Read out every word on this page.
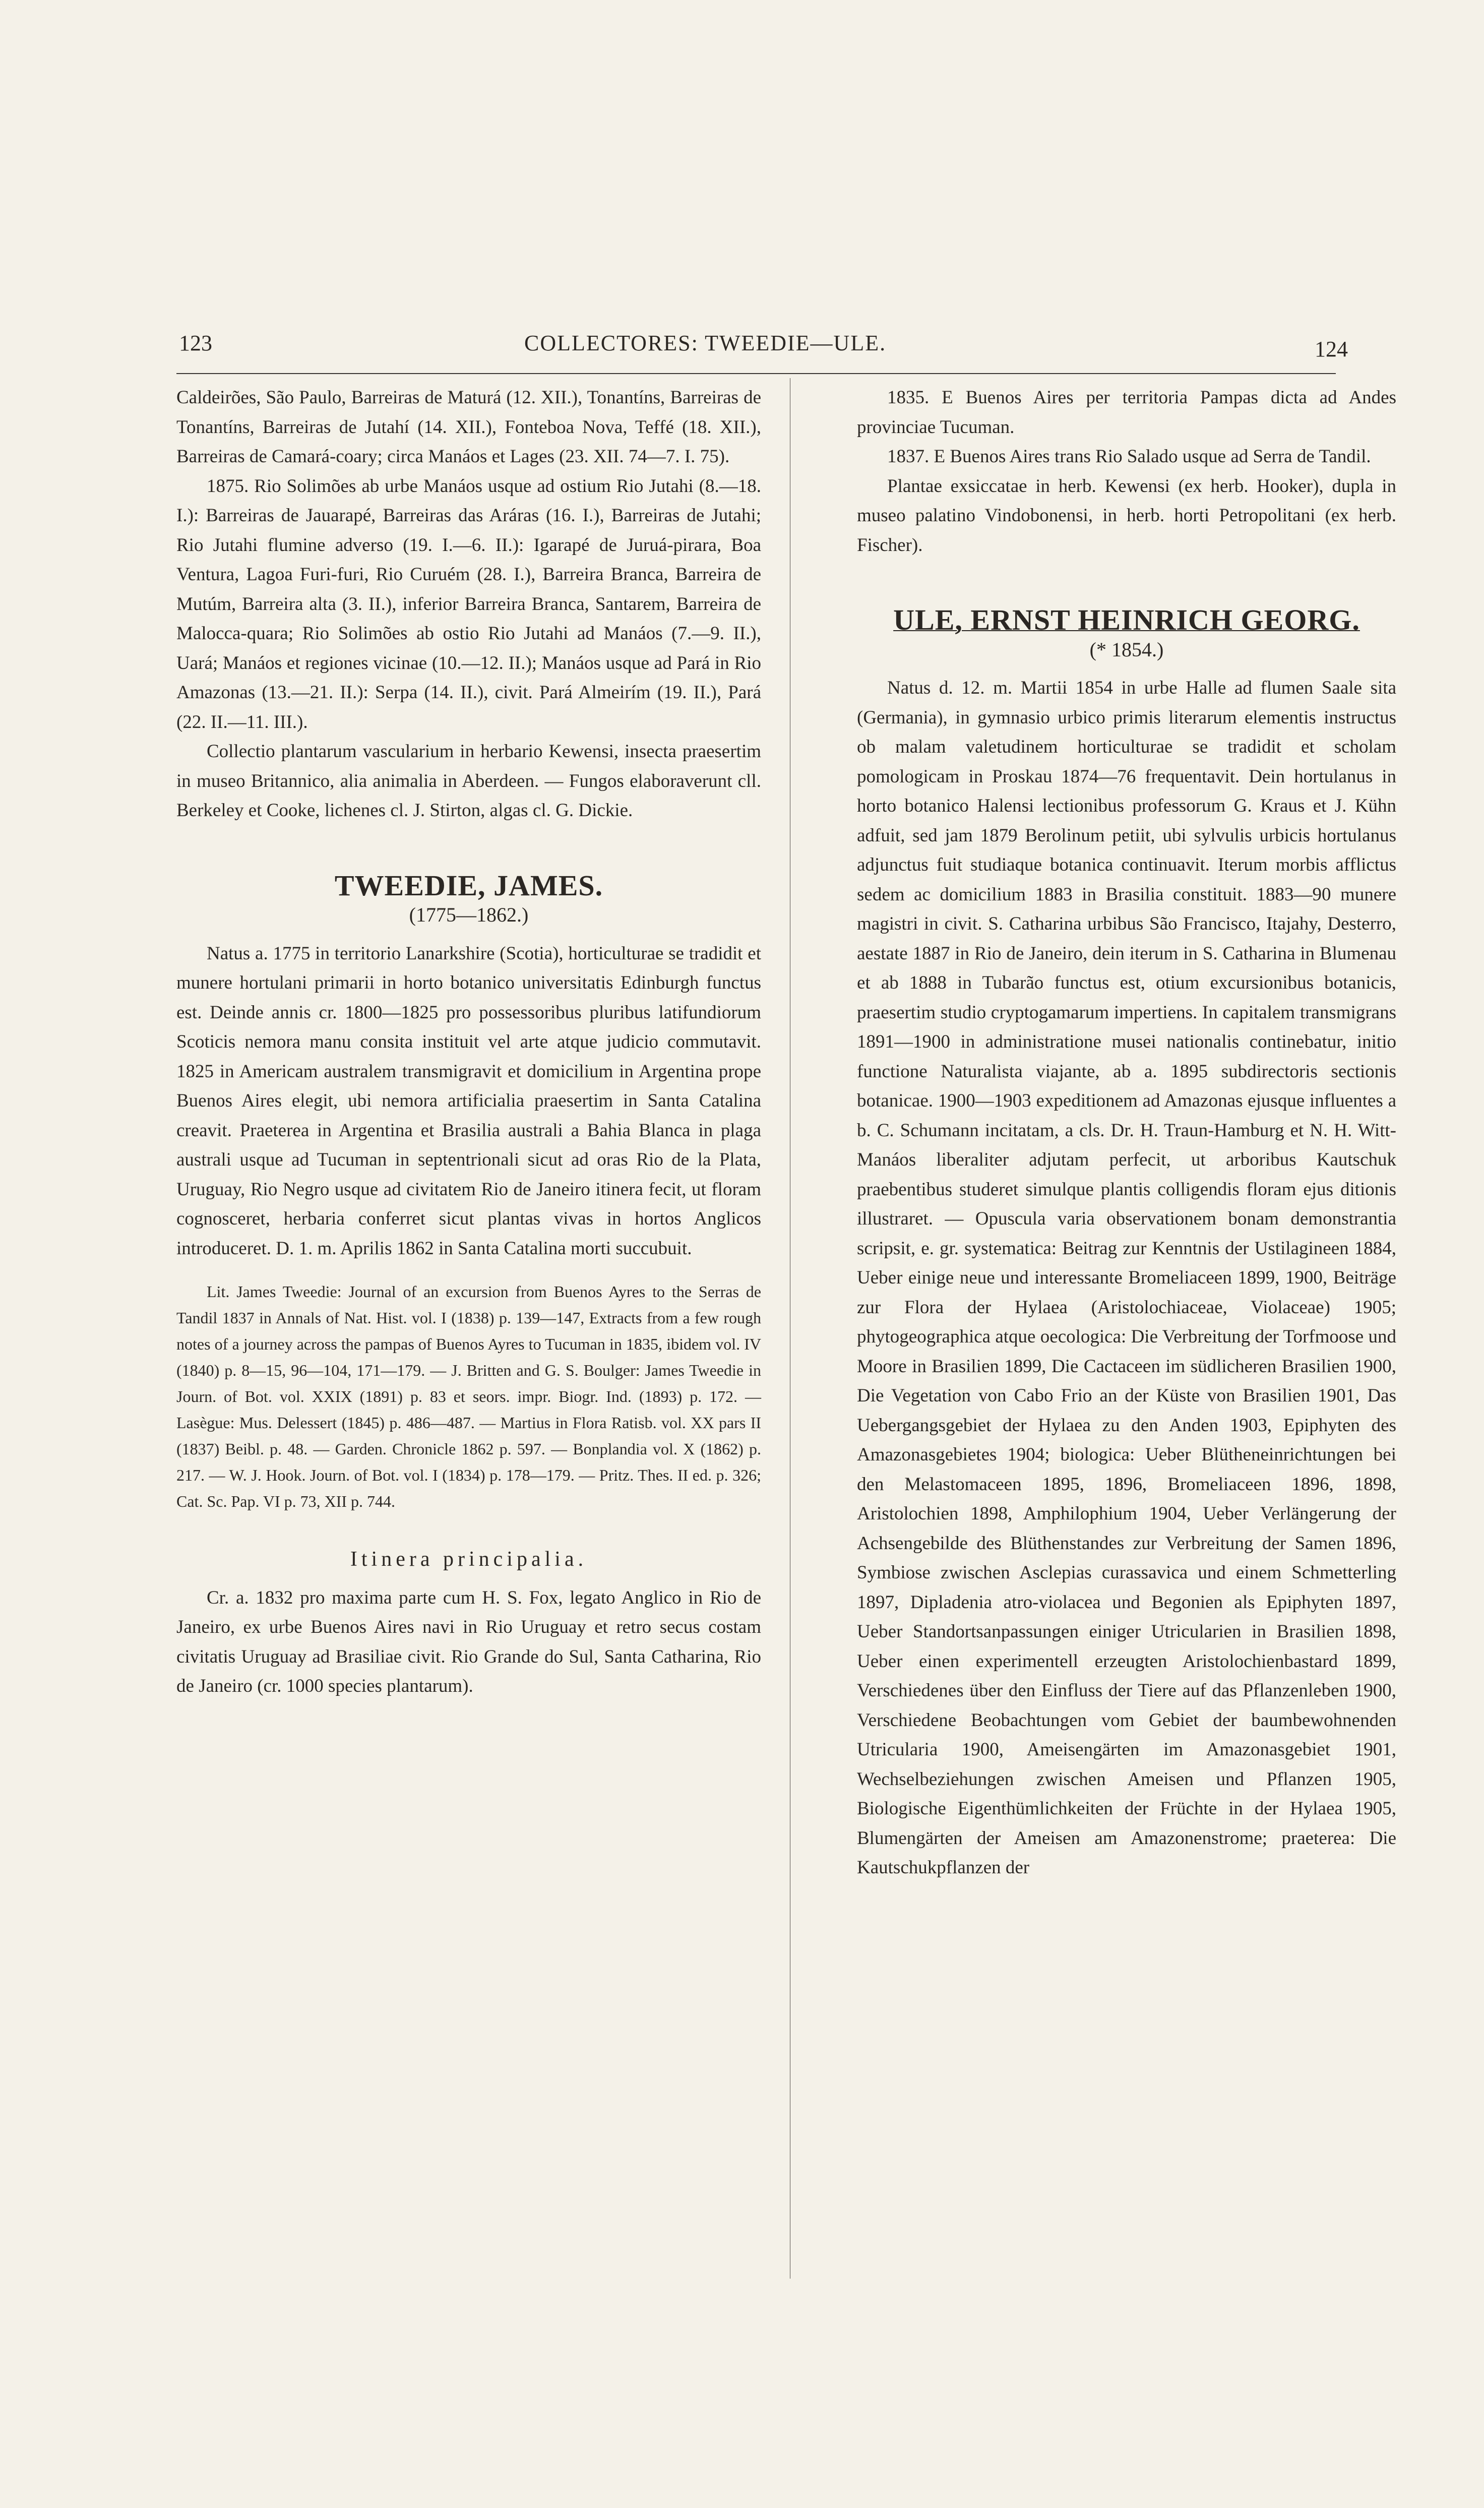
123	COLLECTORES: TWEEDIE—ULE.	124

Caldeirões, São Paulo, Barreiras de Maturá (12. XII.), Tonantíns, Barreiras de Tonantíns, Barreiras de Jutahí (14. XII.), Fonteboa Nova, Teffé (18. XII.), Barreiras de Camará-coary; circa Manáos et Lages (23. XII. 74—7. I. 75).

1875. Rio Solimões ab urbe Manáos usque ad ostium Rio Jutahi (8.—18. I.): Barreiras de Jauarapé, Barreiras das Aráras (16. I.), Barreiras de Jutahi; Rio Jutahi flumine adverso (19. I.—6. II.): Igarapé de Juruá-pirara, Boa Ventura, Lagoa Furi-furi, Rio Curuém (28. I.), Barreira Branca, Barreira de Mutúm, Barreira alta (3. II.), inferior Barreira Branca, Santarem, Barreira de Malocca-quara; Rio Solimões ab ostio Rio Jutahi ad Manáos (7.—9. II.), Uará; Manáos et regiones vicinae (10.—12. II.); Manáos usque ad Pará in Rio Amazonas (13.—21. II.): Serpa (14. II.), civit. Pará Almeirím (19. II.), Pará (22. II.—11. III.).

Collectio plantarum vascularium in herbario Kewensi, insecta praesertim in museo Britannico, alia animalia in Aberdeen. — Fungos elaboraverunt cll. Berkeley et Cooke, lichenes cl. J. Stirton, algas cl. G. Dickie.

TWEEDIE, JAMES.
(1775—1862.)

Natus a. 1775 in territorio Lanarkshire (Scotia), horticulturae se tradidit et munere hortulani primarii in horto botanico universitatis Edinburgh functus est. Deinde annis cr. 1800—1825 pro possessoribus pluribus latifundiorum Scoticis nemora manu consita instituit vel arte atque judicio commutavit. 1825 in Americam australem transmigravit et domicilium in Argentina prope Buenos Aires elegit, ubi nemora artificialia praesertim in Santa Catalina creavit. Praeterea in Argentina et Brasilia australi a Bahia Blanca in plaga australi usque ad Tucuman in septentrionali sicut ad oras Rio de la Plata, Uruguay, Rio Negro usque ad civitatem Rio de Janeiro itinera fecit, ut floram cognosceret, herbaria conferret sicut plantas vivas in hortos Anglicos introduceret. D. 1. m. Aprilis 1862 in Santa Catalina morti succubuit.

Lit. James Tweedie: Journal of an excursion from Buenos Ayres to the Serras de Tandil 1837 in Annals of Nat. Hist. vol. I (1838) p. 139—147, Extracts from a few rough notes of a journey across the pampas of Buenos Ayres to Tucuman in 1835, ibidem vol. IV (1840) p. 8—15, 96—104, 171—179. — J. Britten and G. S. Boulger: James Tweedie in Journ. of Bot. vol. XXIX (1891) p. 83 et seors. impr. Biogr. Ind. (1893) p. 172. — Lasègue: Mus. Delessert (1845) p. 486—487. — Martius in Flora Ratisb. vol. XX pars II (1837) Beibl. p. 48. — Garden. Chronicle 1862 p. 597. — Bonplandia vol. X (1862) p. 217. — W. J. Hook. Journ. of Bot. vol. I (1834) p. 178—179. — Pritz. Thes. II ed. p. 326; Cat. Sc. Pap. VI p. 73, XII p. 744.

Itinera principalia.

Cr. a. 1832 pro maxima parte cum H. S. Fox, legato Anglico in Rio de Janeiro, ex urbe Buenos Aires navi in Rio Uruguay et retro secus costam civitatis Uruguay ad Brasiliae civit. Rio Grande do Sul, Santa Catharina, Rio de Janeiro (cr. 1000 species plantarum).

1835. E Buenos Aires per territoria Pampas dicta ad Andes provinciae Tucuman.

1837. E Buenos Aires trans Rio Salado usque ad Serra de Tandil.

Plantae exsiccatae in herb. Kewensi (ex herb. Hooker), dupla in museo palatino Vindobonensi, in herb. horti Petropolitani (ex herb. Fischer).

ULE, ERNST HEINRICH GEORG.
(* 1854.)

Natus d. 12. m. Martii 1854 in urbe Halle ad flumen Saale sita (Germania), in gymnasio urbico primis literarum elementis instructus ob malam valetudinem horticulturae se tradidit et scholam pomologicam in Proskau 1874—76 frequentavit. Dein hortulanus in horto botanico Halensi lectionibus professorum G. Kraus et J. Kühn adfuit, sed jam 1879 Berolinum petiit, ubi sylvulis urbicis hortulanus adjunctus fuit studiaque botanica continuavit. Iterum morbis afflictus sedem ac domicilium 1883 in Brasilia constituit. 1883—90 munere magistri in civit. S. Catharina urbibus São Francisco, Itajahy, Desterro, aestate 1887 in Rio de Janeiro, dein iterum in S. Catharina in Blumenau et ab 1888 in Tubarão functus est, otium excursionibus botanicis, praesertim studio cryptogamarum impertiens. In capitalem transmigrans 1891—1900 in administratione musei nationalis continebatur, initio functione Naturalista viajante, ab a. 1895 subdirectoris sectionis botanicae. 1900—1903 expeditionem ad Amazonas ejusque influentes a b. C. Schumann incitatam, a cls. Dr. H. Traun-Hamburg et N. H. Witt-Manáos liberaliter adjutam perfecit, ut arboribus Kautschuk praebentibus studeret simulque plantis colligendis floram ejus ditionis illustraret. — Opuscula varia observationem bonam demonstrantia scripsit, e. gr. systematica: Beitrag zur Kenntnis der Ustilagineen 1884, Ueber einige neue und interessante Bromeliaceen 1899, 1900, Beiträge zur Flora der Hylaea (Aristolochiaceae, Violaceae) 1905; phytogeographica atque oecologica: Die Verbreitung der Torfmoose und Moore in Brasilien 1899, Die Cactaceen im südlicheren Brasilien 1900, Die Vegetation von Cabo Frio an der Küste von Brasilien 1901, Das Uebergangsgebiet der Hylaea zu den Anden 1903, Epiphyten des Amazonasgebietes 1904; biologica: Ueber Blütheneinrichtungen bei den Melastomaceen 1895, 1896, Bromeliaceen 1896, 1898, Aristolochien 1898, Amphilophium 1904, Ueber Verlängerung der Achsengebilde des Blüthenstandes zur Verbreitung der Samen 1896, Symbiose zwischen Asclepias curassavica und einem Schmetterling 1897, Dipladenia atro-violacea und Begonien als Epiphyten 1897, Ueber Standortsanpassungen einiger Utricularien in Brasilien 1898, Ueber einen experimentell erzeugten Aristolochienbastard 1899, Verschiedenes über den Einfluss der Tiere auf das Pflanzenleben 1900, Verschiedene Beobachtungen vom Gebiet der baumbewohnenden Utricularia 1900, Ameisengärten im Amazonasgebiet 1901, Wechselbeziehungen zwischen Ameisen und Pflanzen 1905, Biologische Eigenthümlichkeiten der Früchte in der Hylaea 1905, Blumengärten der Ameisen am Amazonenstrome; praeterea: Die Kautschukpflanzen der
